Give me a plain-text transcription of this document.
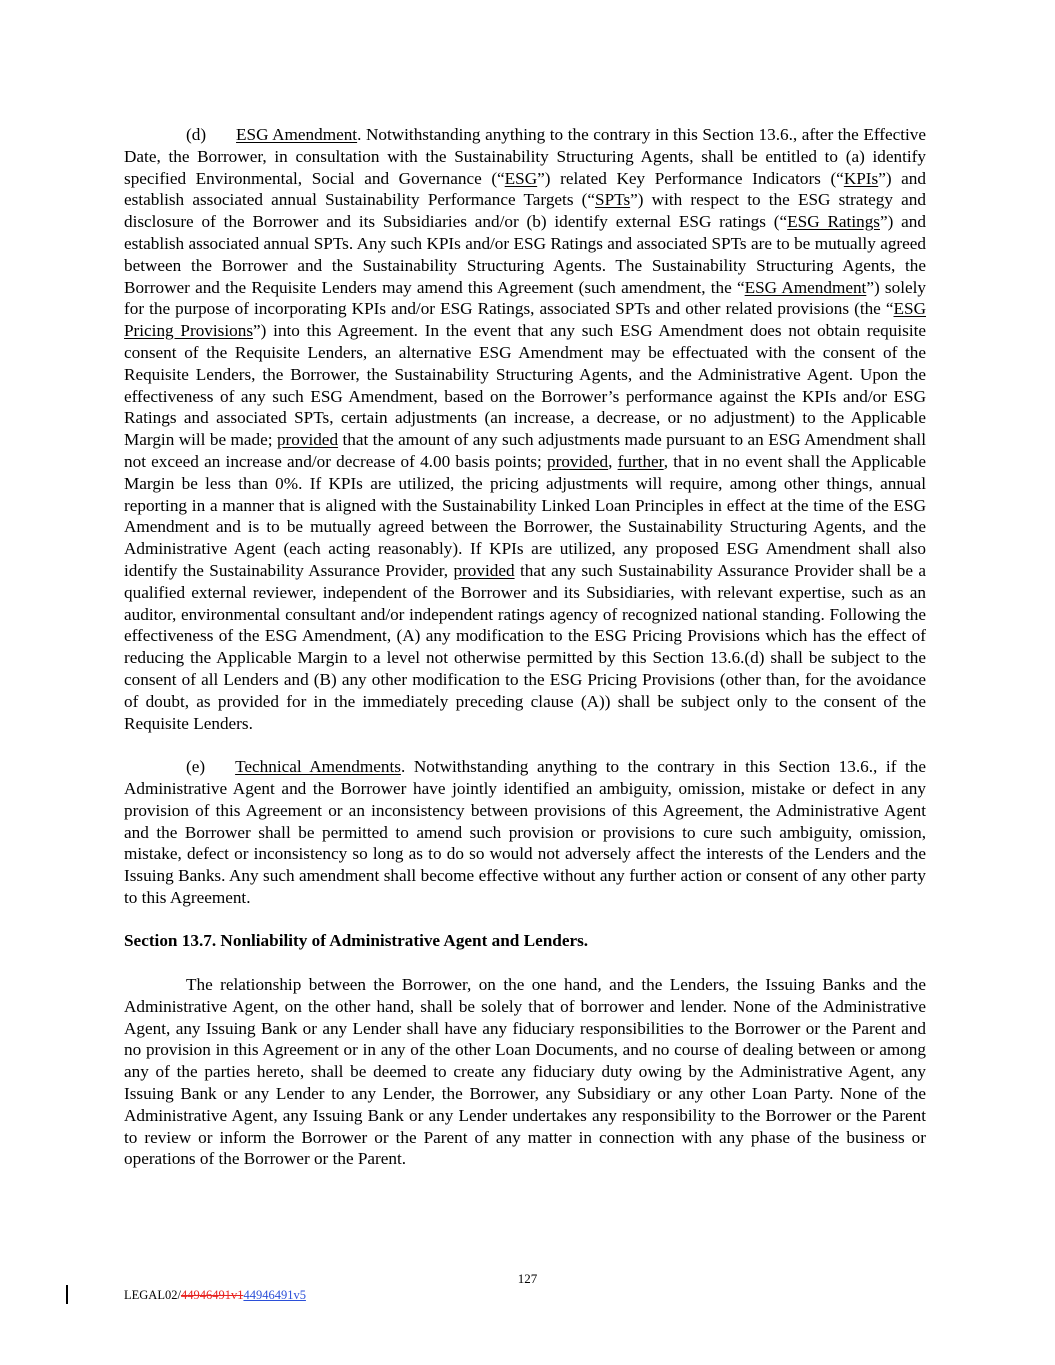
(d) ESG Amendment. Notwithstanding anything to the contrary in this Section 13.6., after the Effective Date, the Borrower, in consultation with the Sustainability Structuring Agents, shall be entitled to (a) identify specified Environmental, Social and Governance (“ESG”) related Key Performance Indicators (“KPIs”) and establish associated annual Sustainability Performance Targets (“SPTs”) with respect to the ESG strategy and disclosure of the Borrower and its Subsidiaries and/or (b) identify external ESG ratings (“ESG Ratings”) and establish associated annual SPTs. Any such KPIs and/or ESG Ratings and associated SPTs are to be mutually agreed between the Borrower and the Sustainability Structuring Agents. The Sustainability Structuring Agents, the Borrower and the Requisite Lenders may amend this Agreement (such amendment, the “ESG Amendment”) solely for the purpose of incorporating KPIs and/or ESG Ratings, associated SPTs and other related provisions (the “ESG Pricing Provisions”) into this Agreement. In the event that any such ESG Amendment does not obtain requisite consent of the Requisite Lenders, an alternative ESG Amendment may be effectuated with the consent of the Requisite Lenders, the Borrower, the Sustainability Structuring Agents, and the Administrative Agent. Upon the effectiveness of any such ESG Amendment, based on the Borrower’s performance against the KPIs and/or ESG Ratings and associated SPTs, certain adjustments (an increase, a decrease, or no adjustment) to the Applicable Margin will be made; provided that the amount of any such adjustments made pursuant to an ESG Amendment shall not exceed an increase and/or decrease of 4.00 basis points; provided, further, that in no event shall the Applicable Margin be less than 0%. If KPIs are utilized, the pricing adjustments will require, among other things, annual reporting in a manner that is aligned with the Sustainability Linked Loan Principles in effect at the time of the ESG Amendment and is to be mutually agreed between the Borrower, the Sustainability Structuring Agents, and the Administrative Agent (each acting reasonably). If KPIs are utilized, any proposed ESG Amendment shall also identify the Sustainability Assurance Provider, provided that any such Sustainability Assurance Provider shall be a qualified external reviewer, independent of the Borrower and its Subsidiaries, with relevant expertise, such as an auditor, environmental consultant and/or independent ratings agency of recognized national standing. Following the effectiveness of the ESG Amendment, (A) any modification to the ESG Pricing Provisions which has the effect of reducing the Applicable Margin to a level not otherwise permitted by this Section 13.6.(d) shall be subject to the consent of all Lenders and (B) any other modification to the ESG Pricing Provisions (other than, for the avoidance of doubt, as provided for in the immediately preceding clause (A)) shall be subject only to the consent of the Requisite Lenders.

(e) Technical Amendments. Notwithstanding anything to the contrary in this Section 13.6., if the Administrative Agent and the Borrower have jointly identified an ambiguity, omission, mistake or defect in any provision of this Agreement or an inconsistency between provisions of this Agreement, the Administrative Agent and the Borrower shall be permitted to amend such provision or provisions to cure such ambiguity, omission, mistake, defect or inconsistency so long as to do so would not adversely affect the interests of the Lenders and the Issuing Banks. Any such amendment shall become effective without any further action or consent of any other party to this Agreement.

Section 13.7. Nonliability of Administrative Agent and Lenders.

The relationship between the Borrower, on the one hand, and the Lenders, the Issuing Banks and the Administrative Agent, on the other hand, shall be solely that of borrower and lender. None of the Administrative Agent, any Issuing Bank or any Lender shall have any fiduciary responsibilities to the Borrower or the Parent and no provision in this Agreement or in any of the other Loan Documents, and no course of dealing between or among any of the parties hereto, shall be deemed to create any fiduciary duty owing by the Administrative Agent, any Issuing Bank or any Lender to any Lender, the Borrower, any Subsidiary or any other Loan Party. None of the Administrative Agent, any Issuing Bank or any Lender undertakes any responsibility to the Borrower or the Parent to review or inform the Borrower or the Parent of any matter in connection with any phase of the business or operations of the Borrower or the Parent.

127
LEGAL02/44946491v144946491v5
